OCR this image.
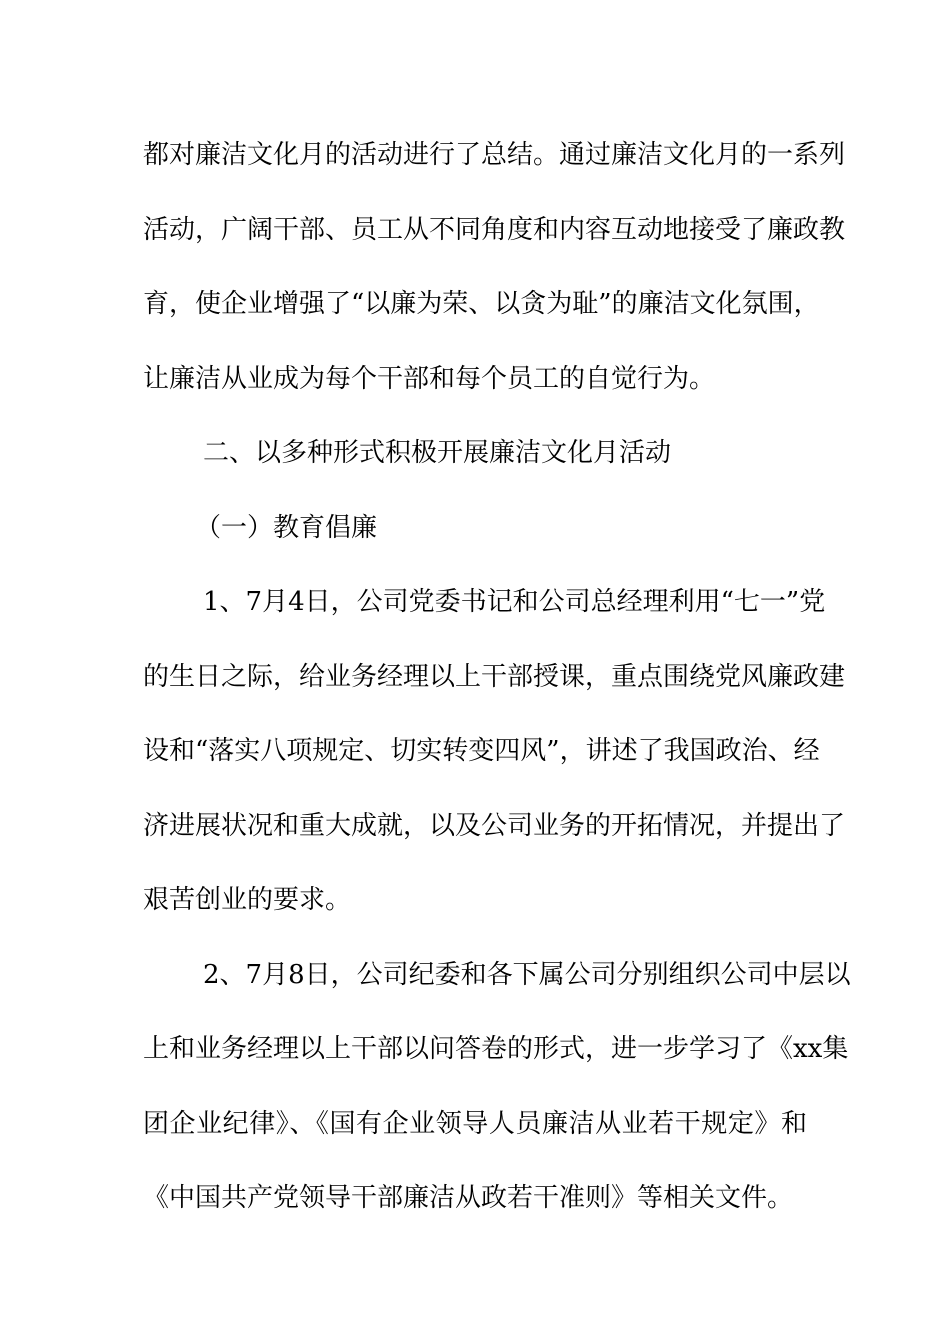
都对廉洁文化月的活动进行了总结。通过廉洁文化月的一系列
活动，广阔干部、员工从不同角度和内容互动地接受了廉政教
育，使企业增强了“以廉为荣、以贪为耻”的廉洁文化氛围，
让廉洁从业成为每个干部和每个员工的自觉行为。
二、以多种形式积极开展廉洁文化月活动
（一）教育倡廉
1、7月4日，公司党委书记和公司总经理利用“七一”党
的生日之际，给业务经理以上干部授课，重点围绕党风廉政建
设和“落实八项规定、切实转变四风”，讲述了我国政治、经
济进展状况和重大成就，以及公司业务的开拓情况，并提出了
艰苦创业的要求。
2、7月8日，公司纪委和各下属公司分别组织公司中层以
上和业务经理以上干部以问答卷的形式，进一步学习了《xx集
团企业纪律》、《国有企业领导人员廉洁从业若干规定》和
《中国共产党领导干部廉洁从政若干准则》等相关文件。
